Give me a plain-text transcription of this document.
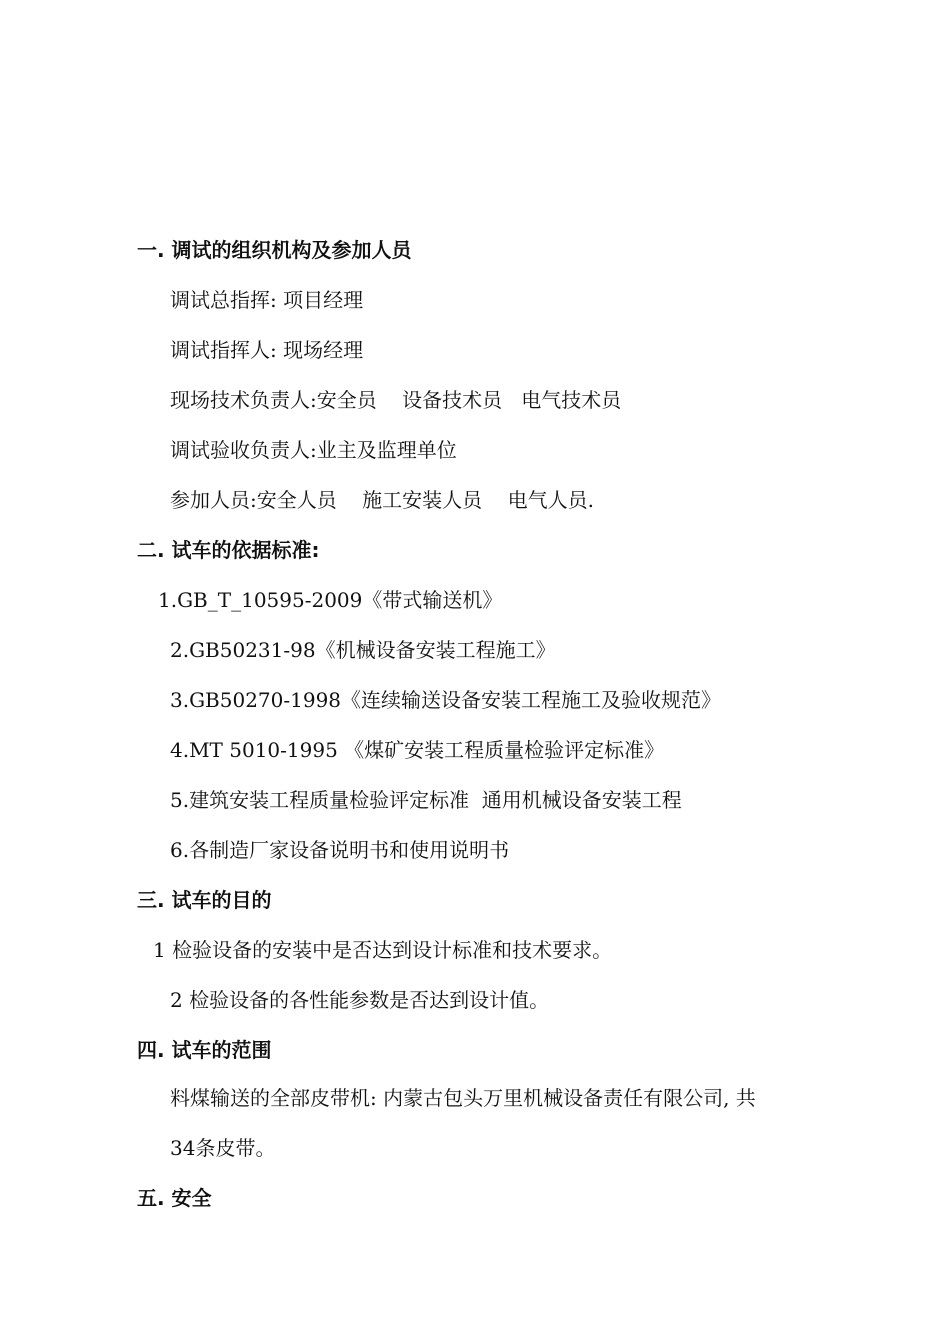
一. 调试的组织机构及参加人员
调试总指挥: 项目经理
调试指挥人: 现场经理
现场技术负责人:安全员    设备技术员   电气技术员
调试验收负责人:业主及监理单位
参加人员:安全人员    施工安装人员    电气人员.
二. 试车的依据标准:
1.GB_T_10595-2009《带式输送机》
2.GB50231-98《机械设备安装工程施工》
3.GB50270-1998《连续输送设备安装工程施工及验收规范》
4.MT 5010-1995 《煤矿安装工程质量检验评定标准》
5.建筑安装工程质量检验评定标准  通用机械设备安装工程
6.各制造厂家设备说明书和使用说明书
三. 试车的目的
1 检验设备的安装中是否达到设计标准和技术要求。
2 检验设备的各性能参数是否达到设计值。
四. 试车的范围
料煤输送的全部皮带机: 内蒙古包头万里机械设备责任有限公司, 共
34条皮带。
五. 安全
